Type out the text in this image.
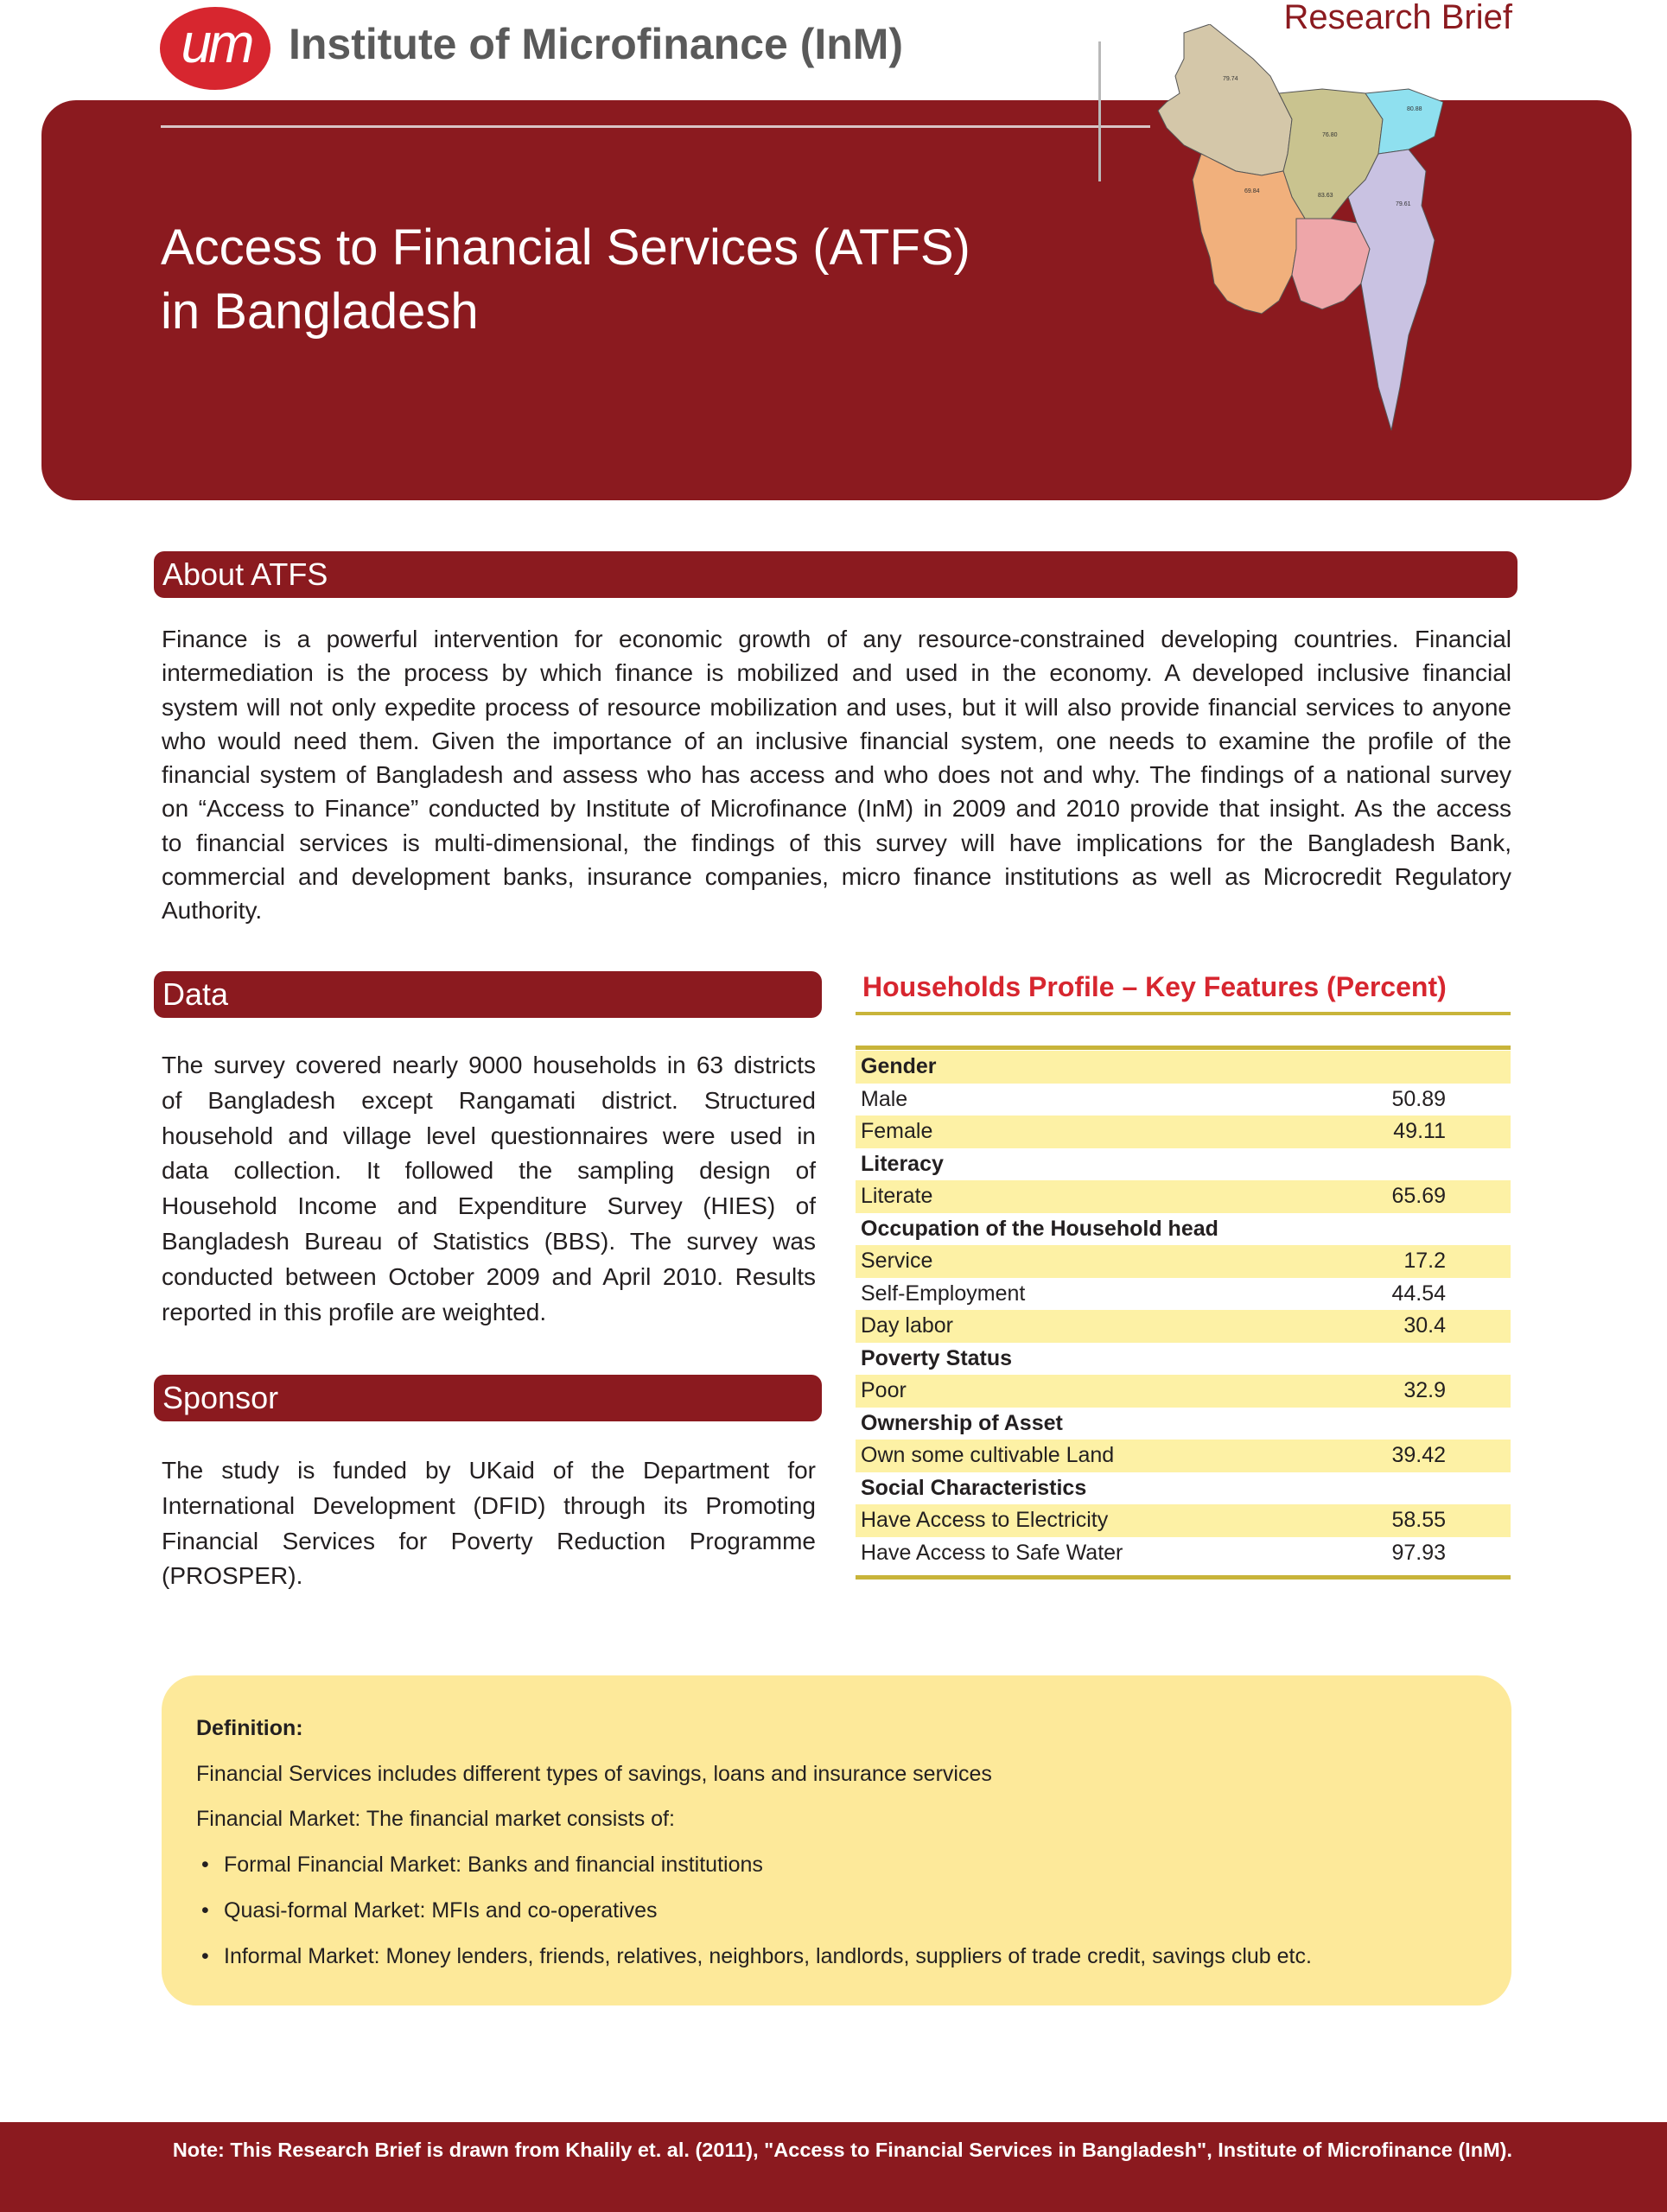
um Institute of Microfinance (InM)
Research Brief
Access to Financial Services (ATFS)
in Bangladesh
79.74
80.88
76.80
69.84
83.63
79.61
About ATFS
Finance is a powerful intervention for economic growth of any resource-constrained developing countries. Financial
intermediation is the process by which finance is mobilized and used in the economy. A developed inclusive financial
system will not only expedite process of resource mobilization and uses, but it will also provide financial services to anyone
who would need them. Given the importance of an inclusive financial system, one needs to examine the profile of the
financial system of Bangladesh and assess who has access and who does not and why. The findings of a national survey
on “Access to Finance” conducted by Institute of Microfinance (InM) in 2009 and 2010 provide that insight. As the access
to financial services is multi-dimensional, the findings of this survey will have implications for the Bangladesh Bank,
commercial and development banks, insurance companies, micro finance institutions as well as Microcredit Regulatory
Authority.
Data
The survey covered nearly 9000 households in 63 districts
of Bangladesh except Rangamati district. Structured
household and village level questionnaires were used in
data collection. It followed the sampling design of
Household Income and Expenditure Survey (HIES) of
Bangladesh Bureau of Statistics (BBS). The survey was
conducted between October 2009 and April 2010. Results
reported in this profile are weighted.
Sponsor
The study is funded by UKaid of the Department for
International Development (DFID) through its Promoting
Financial Services for Poverty Reduction Programme
(PROSPER).
Households Profile – Key Features (Percent)
Gender
Male	50.89
Female	49.11
Literacy
Literate	65.69
Occupation of the Household head
Service	17.2
Self-Employment	44.54
Day labor	30.4
Poverty Status
Poor	32.9
Ownership of Asset
Own some cultivable Land	39.42
Social Characteristics
Have Access to Electricity	58.55
Have Access to Safe Water	97.93
Definition:
Financial Services includes different types of savings, loans and insurance services
Financial Market: The financial market consists of:
• Formal Financial Market: Banks and financial institutions
• Quasi-formal Market: MFIs and co-operatives
• Informal Market: Money lenders, friends, relatives, neighbors, landlords, suppliers of trade credit, savings club etc.
Note: This Research Brief is drawn from Khalily et. al. (2011), "Access to Financial Services in Bangladesh", Institute of Microfinance (InM).
